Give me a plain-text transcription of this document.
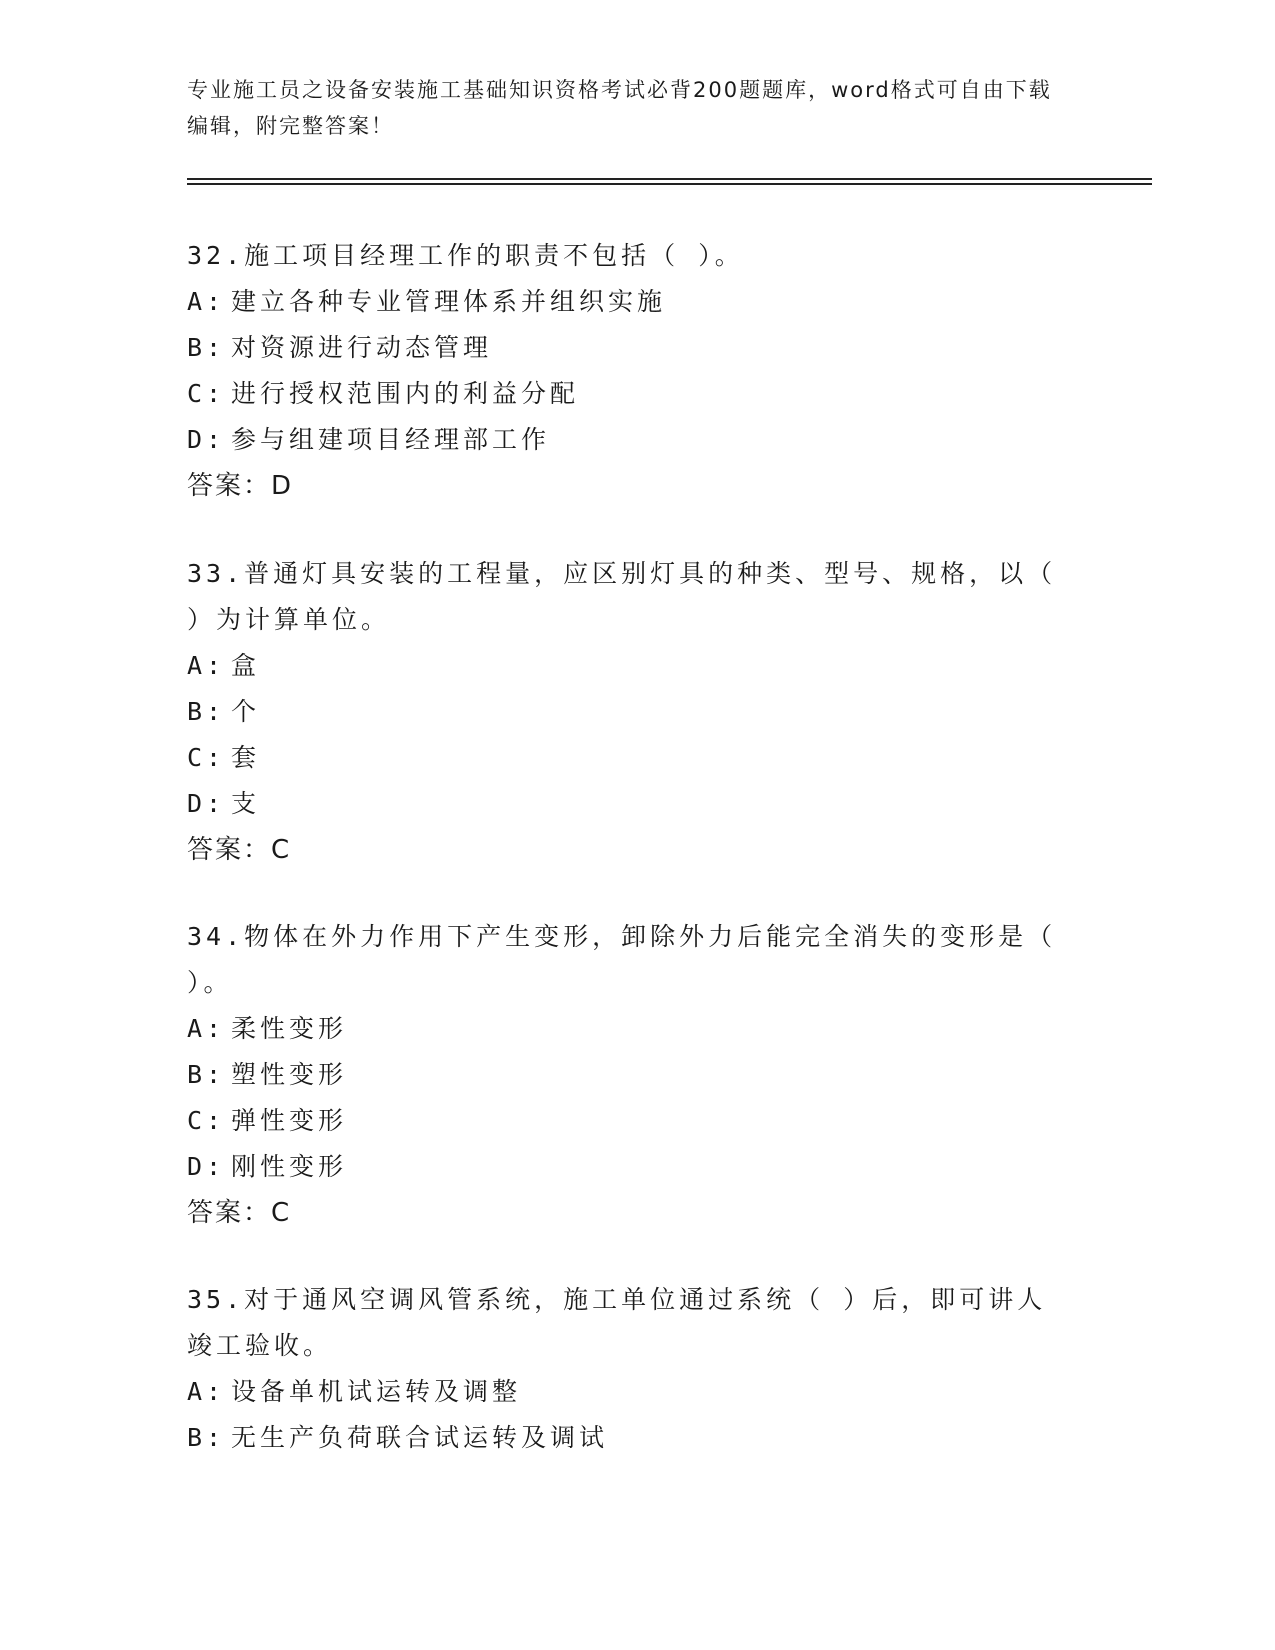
专业施工员之设备安装施工基础知识资格考试必背200题题库，word格式可自由下载编辑，附完整答案！

32.施工项目经理工作的职责不包括（ ）。

A: 建立各种专业管理体系并组织实施
B: 对资源进行动态管理
C: 进行授权范围内的利益分配
D: 参与组建项目经理部工作

答案：D

33.普通灯具安装的工程量，应区别灯具的种类、型号、规格，以（ ）为计算单位。

A: 盒
B: 个
C: 套
D: 支

答案：C

34.物体在外力作用下产生变形，卸除外力后能完全消失的变形是（ ）。

A: 柔性变形
B: 塑性变形
C: 弹性变形
D: 刚性变形

答案：C

35.对于通风空调风管系统，施工单位通过系统（ ）后，即可讲人竣工验收。

A: 设备单机试运转及调整
B: 无生产负荷联合试运转及调试
